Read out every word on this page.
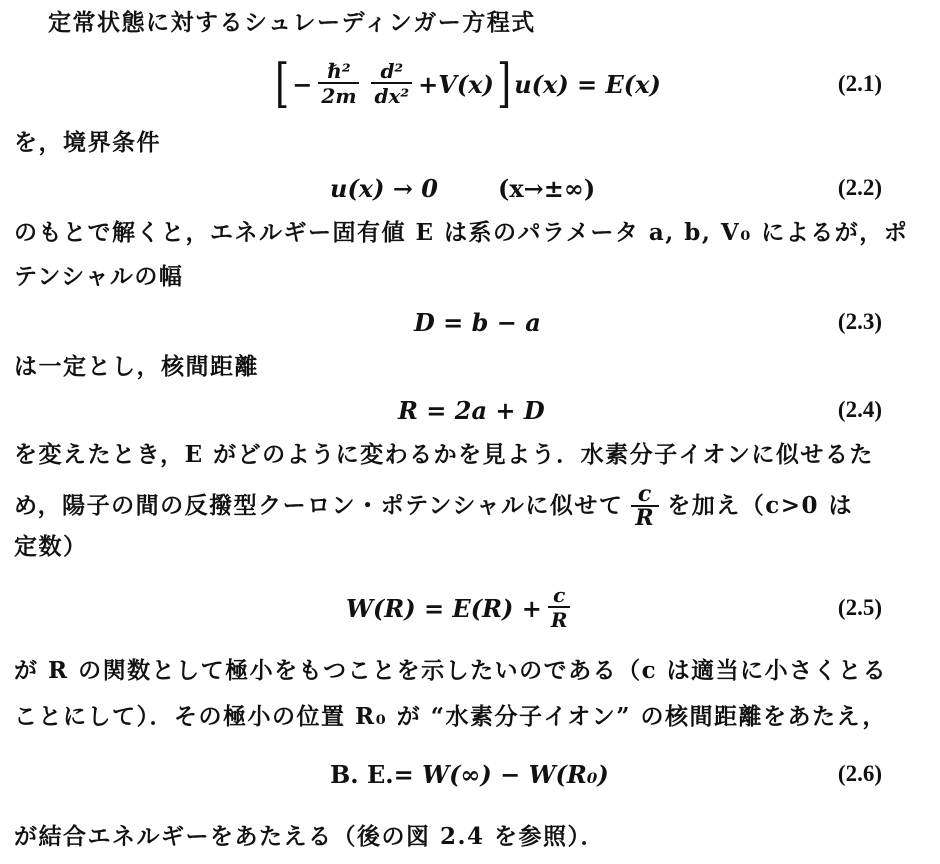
定常状態に対するシュレーディンガー方程式
[ − $\frac{\text{ℏ²}}{2m} \frac{\text{d²}}{\text{dx²}} +V(x)$ ] u(x) = E(x)	(2.1)
を，境界条件
u(x) → 0	(x→±∞)	(2.2)
のもとで解くと，エネルギー固有値 E は系のパラメータ a, b, V₀ によるが，ポ
テンシャルの幅
D = b − a	(2.3)
は一定とし，核間距離
R = 2a + D	(2.4)
を変えたとき，E がどのように変わるかを見よう．水素分子イオンに似せるた
め，陽子の間の反撥型クーロン・ポテンシャルに似せて c
R を加え（c>0 は
定数）
$W(R) = E(R) + \frac{c}{R}$	(2.5)
が R の関数として極小をもつことを示したいのである（c は適当に小さくとる
ことにして）．その極小の位置 R₀ が “水素分子イオン” の核間距離をあたえ，
B. E. = W(∞) − W(R₀)	(2.6)
が結合エネルギーをあたえる（後の図 2.4 を参照）．
